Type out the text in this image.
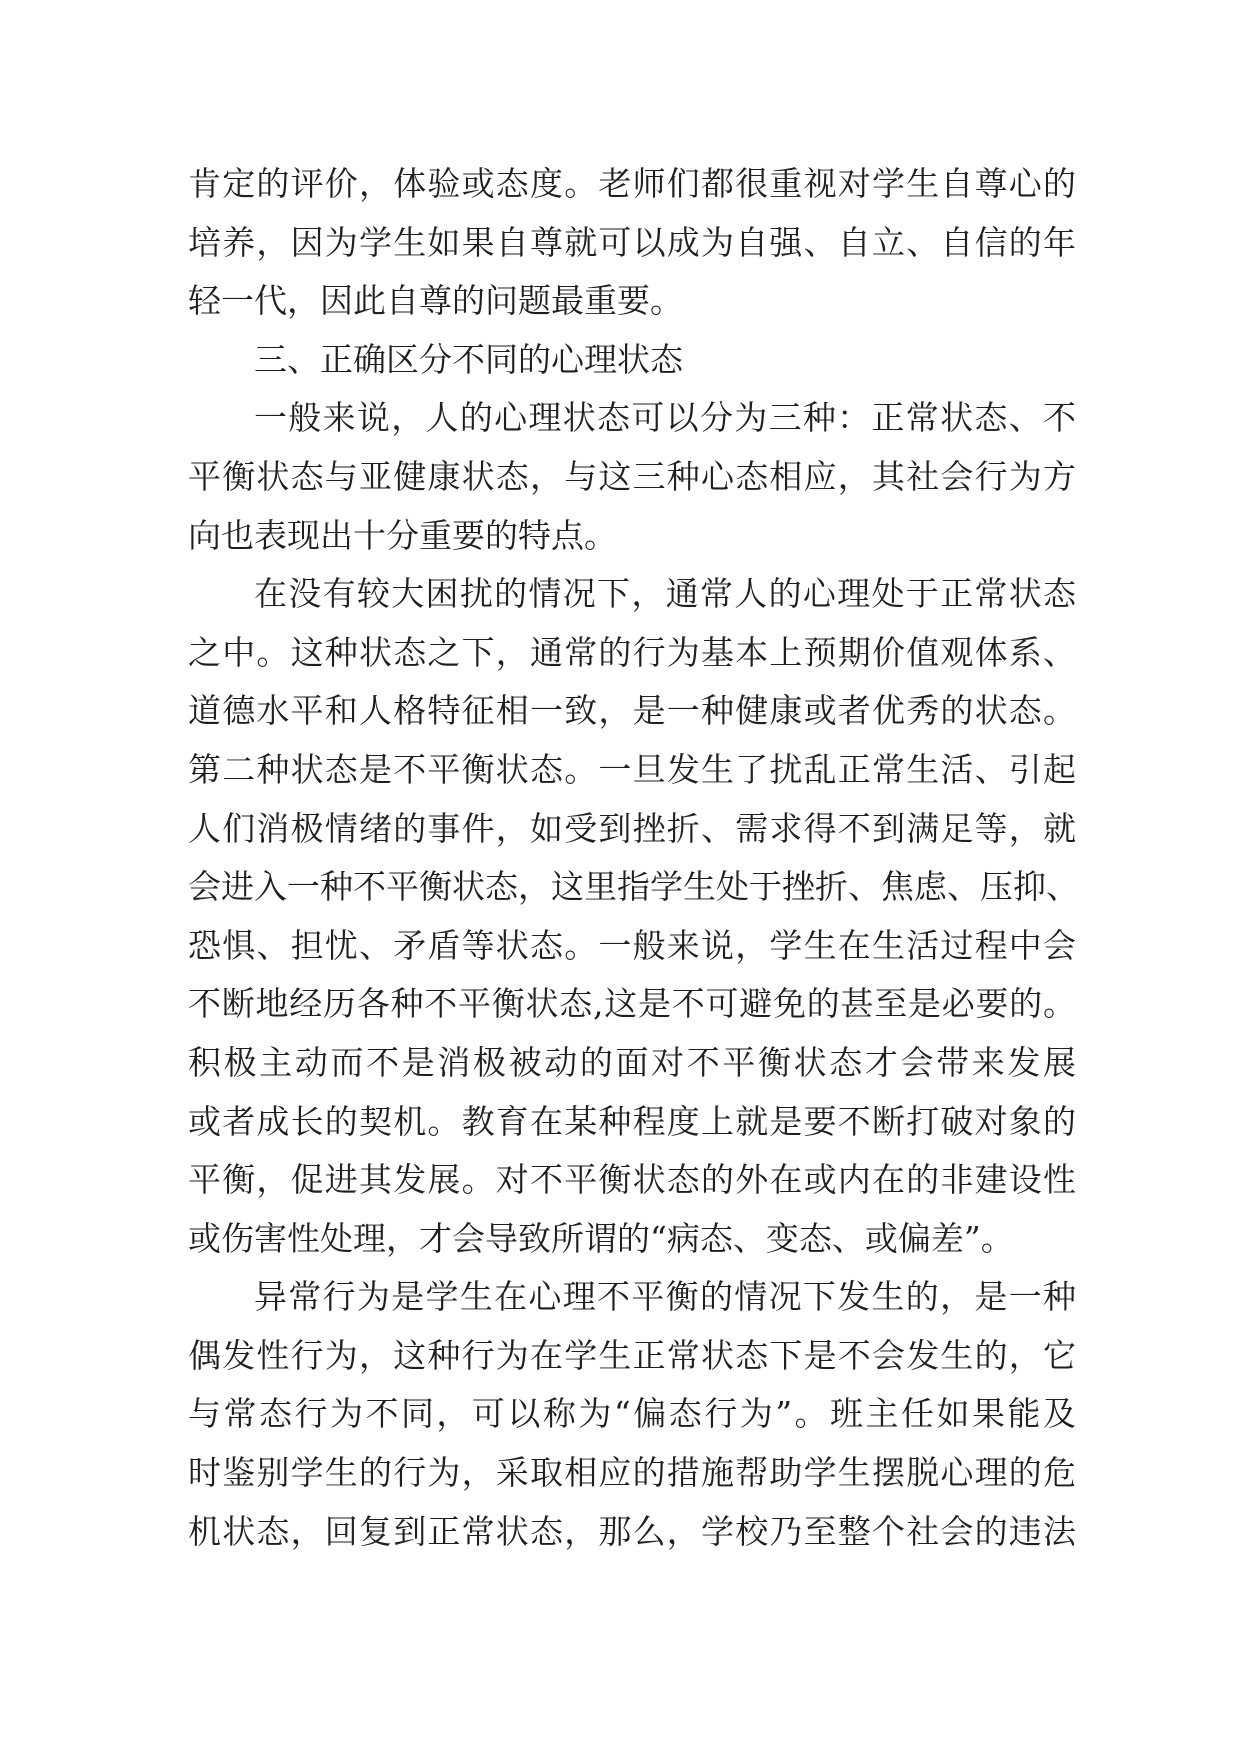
肯定的评价，体验或态度。老师们都很重视对学生自尊心的
培养，因为学生如果自尊就可以成为自强、自立、自信的年
轻一代，因此自尊的问题最重要。
三、正确区分不同的心理状态
一般来说，人的心理状态可以分为三种：正常状态、不
平衡状态与亚健康状态，与这三种心态相应，其社会行为方
向也表现出十分重要的特点。
在没有较大困扰的情况下，通常人的心理处于正常状态
之中。这种状态之下，通常的行为基本上预期价值观体系、
道德水平和人格特征相一致，是一种健康或者优秀的状态。
第二种状态是不平衡状态。一旦发生了扰乱正常生活、引起
人们消极情绪的事件，如受到挫折、需求得不到满足等，就
会进入一种不平衡状态，这里指学生处于挫折、焦虑、压抑、
恐惧、担忧、矛盾等状态。一般来说，学生在生活过程中会
不断地经历各种不平衡状态,这是不可避免的甚至是必要的。
积极主动而不是消极被动的面对不平衡状态才会带来发展
或者成长的契机。教育在某种程度上就是要不断打破对象的
平衡，促进其发展。对不平衡状态的外在或内在的非建设性
或伤害性处理，才会导致所谓的“病态、变态、或偏差”。
异常行为是学生在心理不平衡的情况下发生的，是一种
偶发性行为，这种行为在学生正常状态下是不会发生的，它
与常态行为不同，可以称为“偏态行为”。班主任如果能及
时鉴别学生的行为，采取相应的措施帮助学生摆脱心理的危
机状态，回复到正常状态，那么，学校乃至整个社会的违法
